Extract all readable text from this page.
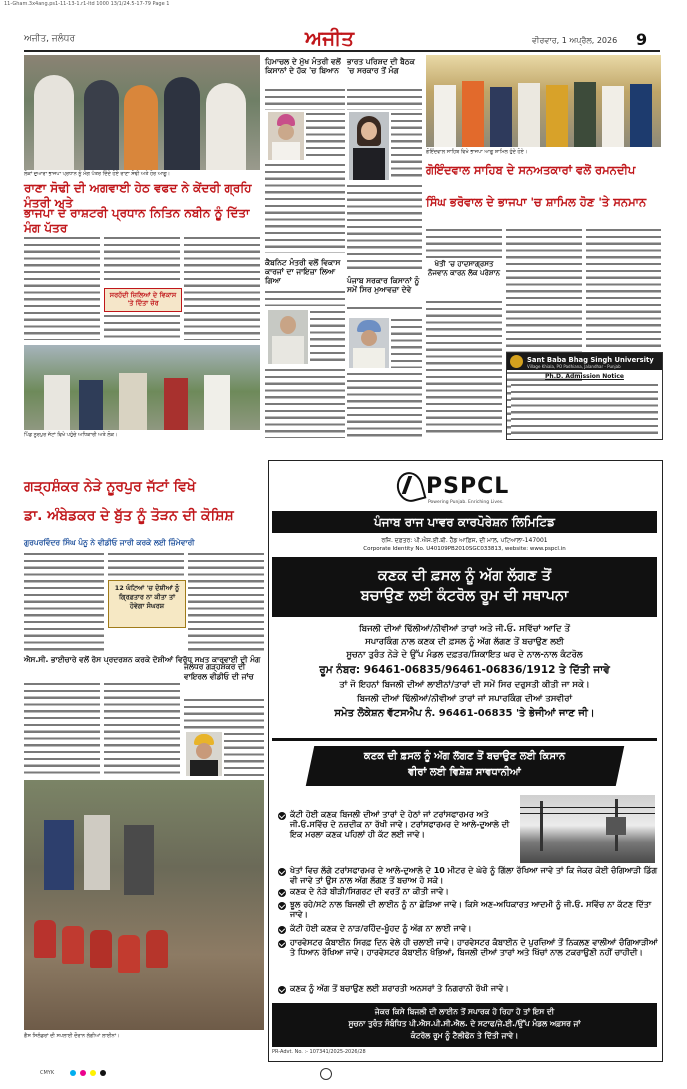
11-Gham.3x4ang.ps1-11-13-1.r1-ltd 1000 13/1/24.5-17-79 Page 1
ਅਜੀਤ, ਜਲੰਧਰ	ਅਜੀਤ	ਵੀਰਵਾਰ, 1 ਅਪ੍ਰੈਲ, 2026 9
ਲੋਕਾਂ ਦੁਆਰਾ ਭਾਜਪਾ ਪ੍ਰਧਾਨ ਨੂੰ ਮੰਗ ਪੱਤਰ ਦਿੰਦੇ ਹੋਏ ਰਾਣਾ ਸੋਢੀ ਅਤੇ ਹੋਰ ਆਗੂ।
ਰਾਣਾ ਸੋਢੀ ਦੀ ਅਗਵਾਈ ਹੇਠ ਵਫਦ ਨੇ ਕੇਂਦਰੀ ਗ੍ਰਹਿ ਮੰਤਰੀ ਅਤੇ
ਭਾਜਪਾ ਦੇ ਰਾਸ਼ਟਰੀ ਪ੍ਰਧਾਨ ਨਿਤਿਨ ਨਬੀਨ ਨੂੰ ਦਿੱਤਾ ਮੰਗ ਪੱਤਰ
ਸਰਹੱਦੀ ਜ਼ਿਲਿਆਂ ਦੇ ਵਿਕਾਸ 'ਤੇ ਦਿੱਤਾ ਜ਼ੋਰ
ਪਿੰਡ ਨੂਰਪੁਰ ਜੱਟਾਂ ਵਿਖੇ ਪਹੁੰਚੇ ਅਧਿਕਾਰੀ ਅਤੇ ਲੋਕ।
ਹਿਮਾਚਲ ਦੇ ਮੁੱਖ ਮੰਤਰੀ ਵਲੋਂ ਕਿਸਾਨਾਂ ਦੇ ਹੱਕ 'ਚ ਬਿਆਨ
ਭਾਰਤ ਪਰਿਸ਼ਦ ਦੀ ਬੈਠਕ 'ਚ ਸਰਕਾਰ ਤੋਂ ਮੰਗ
ਕੈਬਨਿਟ ਮੰਤਰੀ ਵਲੋਂ ਵਿਕਾਸ ਕਾਰਜਾਂ ਦਾ ਜਾਇਜ਼ਾ ਲਿਆ ਗਿਆ	ਪੰਜਾਬ ਸਰਕਾਰ ਕਿਸਾਨਾਂ ਨੂੰ ਸਮੇਂ ਸਿਰ ਮੁਆਵਜ਼ਾ ਦੇਵੇ
ਗੋਇੰਦਵਾਲ ਸਾਹਿਬ ਵਿਖੇ ਭਾਜਪਾ ਆਗੂ ਸ਼ਾਮਿਲ ਹੁੰਦੇ ਹੋਏ।
ਗੋਇੰਦਵਾਲ ਸਾਹਿਬ ਦੇ ਸਨਅਤਕਾਰਾਂ ਵਲੋਂ ਰਮਨਦੀਪ
ਸਿੰਘ ਭਰੋਵਾਲ ਦੇ ਭਾਜਪਾ 'ਚ ਸ਼ਾਮਿਲ ਹੋਣ 'ਤੇ ਸਨਮਾਨ
ਖੇਤੀ 'ਚ ਹਾਦਸਾਗ੍ਰਸਤ ਨੌਜਵਾਨ ਕਾਰਨ ਲੋਕ ਪਰੇਸ਼ਾਨ
Sant Baba Bhag Singh University
Village Khiala, PO Padhiana, Jalandhar - Punjab
Ph.D. Admission Notice
ਗੜ੍ਹਸ਼ੰਕਰ ਨੇੜੇ ਨੂਰਪੁਰ ਜੱਟਾਂ ਵਿਖੇ
ਡਾ. ਅੰਬੇਡਕਰ ਦੇ ਬੁੱਤ ਨੂੰ ਤੋੜਨ ਦੀ ਕੋਸ਼ਿਸ਼
ਗੁਰਪਰਵਿੰਦਰ ਸਿੰਘ ਪੰਨੂ ਨੇ ਵੀਡੀਓ ਜਾਰੀ ਕਰਕੇ ਲਈ ਜ਼ਿੰਮੇਵਾਰੀ
12 ਘੰਟਿਆਂ 'ਚ ਦੋਸ਼ੀਆਂ ਨੂੰ ਗ੍ਰਿਫ਼ਤਾਰ ਨਾ ਕੀਤਾ ਤਾਂ ਹੋਵੇਗਾ ਸੰਘਰਸ਼
ਐਸ.ਸੀ. ਭਾਈਚਾਰੇ ਵਲੋਂ ਰੋਸ ਪ੍ਰਦਰਸ਼ਨ ਕਰਕੇ ਦੋਸ਼ੀਆਂ ਵਿਰੁੱਧ ਸਖ਼ਤ ਕਾਰਵਾਈ ਦੀ ਮੰਗ
ਜਲੰਧਰ ਗੜ੍ਹਸ਼ੰਕਰ ਦੀ ਵਾਇਰਲ ਵੀਡੀਓ ਦੀ ਜਾਂਚ
ਗੈਸ ਸਿਲੰਡਰਾਂ ਦੀ ਸਪਲਾਈ ਦੌਰਾਨ ਲੱਗੀਆਂ ਲਾਈਨਾਂ।
PSPCL
Powering Punjab. Enriching Lives.
ਪੰਜਾਬ ਰਾਜ ਪਾਵਰ ਕਾਰਪੋਰੇਸ਼ਨ ਲਿਮਿਟਿਡ
ਰਜਿ. ਦਫ਼ਤਰ: ਪੀ.ਐਸ.ਈ.ਬੀ. ਹੈੱਡ ਆਫ਼ਿਸ, ਦੀ ਮਾਲ, ਪਟਿਆਲਾ-147001
Corporate Identity No. U40109PB2010SGC033813, website: www.pspcl.in
ਕਣਕ ਦੀ ਫ਼ਸਲ ਨੂੰ ਅੱਗ ਲੱਗਣ ਤੋਂ
ਬਚਾਉਣ ਲਈ ਕੰਟਰੋਲ ਰੂਮ ਦੀ ਸਥਾਪਨਾ
ਬਿਜਲੀ ਦੀਆਂ ਢਿੱਲੀਆਂ/ਨੀਵੀਆਂ ਤਾਰਾਂ ਅਤੇ ਜੀ.ਓ. ਸਵਿੱਚਾਂ ਆਦਿ ਤੋਂ
ਸਪਾਰਕਿੰਗ ਨਾਲ ਕਣਕ ਦੀ ਫ਼ਸਲ ਨੂੰ ਅੱਗ ਲੱਗਣ ਤੋਂ ਬਚਾਉਣ ਲਈ
ਸੂਚਨਾ ਤੁਰੰਤ ਨੇੜੇ ਦੇ ਉੱਪ ਮੰਡਲ ਦਫ਼ਤਰ/ਸ਼ਿਕਾਇਤ ਘਰ ਦੇ ਨਾਲ-ਨਾਲ ਕੰਟਰੋਲ
ਰੂਮ ਨੰਬਰ: 96461-06835/96461-06836/1912 ਤੇ ਦਿੱਤੀ ਜਾਵੇ
ਤਾਂ ਜੋ ਇਹਨਾਂ ਬਿਜਲੀ ਦੀਆਂ ਲਾਈਨਾਂ/ਤਾਰਾਂ ਦੀ ਸਮੇਂ ਸਿਰ ਦਰੁਸਤੀ ਕੀਤੀ ਜਾ ਸਕੇ।
ਬਿਜਲੀ ਦੀਆਂ ਢਿੱਲੀਆਂ/ਨੀਵੀਆਂ ਤਾਰਾਂ ਜਾਂ ਸਪਾਰਕਿੰਗ ਦੀਆਂ ਤਸਵੀਰਾਂ
ਸਮੇਤ ਲੋਕੇਸ਼ਨ ਵੱਟਸਐਪ ਨੰ. 96461-06835 'ਤੇ ਭੇਜੀਆਂ ਜਾਣ ਜੀ।
ਕਣਕ ਦੀ ਫ਼ਸਲ ਨੂੰ ਅੱਗ ਲੱਗਣ ਤੋਂ ਬਚਾਉਣ ਲਈ ਕਿਸਾਨ
ਵੀਰਾਂ ਲਈ ਵਿਸ਼ੇਸ਼ ਸਾਵਧਾਨੀਆਂ
ਕੱਟੀ ਹੋਈ ਕਣਕ ਬਿਜਲੀ ਦੀਆਂ ਤਾਰਾਂ ਦੇ ਹੇਠਾਂ ਜਾਂ ਟਰਾਂਸਫਾਰਮਰ ਅਤੇ ਜੀ.ਓ.ਸਵਿੱਚ ਦੇ ਨਜ਼ਦੀਕ ਨਾ ਰੱਖੀ ਜਾਵੇ। ਟਰਾਂਸਫਾਰਮਰ ਦੇ ਆਲੇ-ਦੁਆਲੇ ਦੀ ਇਕ ਮਰਲਾ ਕਣਕ ਪਹਿਲਾਂ ਹੀ ਕੱਟ ਲਈ ਜਾਵੇ।
ਖੇਤਾਂ ਵਿਚ ਲੱਗੇ ਟਰਾਂਸਫਾਰਮਰ ਦੇ ਆਲੇ-ਦੁਆਲੇ ਦੇ 10 ਮੀਟਰ ਦੇ ਘੇਰੇ ਨੂੰ ਗਿੱਲਾ ਰੱਖਿਆ ਜਾਵੇ ਤਾਂ ਕਿ ਜੇਕਰ ਕੋਈ ਚੰਗਿਆੜੀ ਡਿੱਗ ਵੀ ਜਾਵੇ ਤਾਂ ਉਸ ਨਾਲ ਅੱਗ ਲੱਗਣ ਤੋਂ ਬਚਾਅ ਹੋ ਸਕੇ।
ਕਣਕ ਦੇ ਨੇੜੇ ਬੀੜੀ/ਸਿਗਰਟ ਦੀ ਵਰਤੋਂ ਨਾ ਕੀਤੀ ਜਾਵੇ।
ਝੂਲ ਰਹੇ/ਸਟੇ ਨਾਲ ਬਿਜਲੀ ਦੀ ਲਾਈਨ ਨੂੰ ਨਾ ਛੇੜਿਆ ਜਾਵੇ। ਕਿਸੇ ਅਣ-ਅਧਿਕਾਰਤ ਆਦਮੀ ਨੂੰ ਜੀ.ਓ. ਸਵਿੱਚ ਨਾ ਕੱਟਣ ਦਿੱਤਾ ਜਾਵੇ।
ਕੱਟੀ ਹੋਈ ਕਣਕ ਦੇ ਨਾੜ/ਰਹਿੰਦ-ਖੂੰਹਦ ਨੂੰ ਅੱਗ ਨਾ ਲਾਈ ਜਾਵੇ।
ਹਾਰਵੇਸਟਰ ਕੰਬਾਈਨ ਸਿਰਫ਼ ਦਿਨ ਵੇਲੇ ਹੀ ਚਲਾਈ ਜਾਵੇ। ਹਾਰਵੇਸਟਰ ਕੰਬਾਈਨ ਦੇ ਪੁਰਜ਼ਿਆਂ ਤੋਂ ਨਿਕਲਣ ਵਾਲੀਆਂ ਚੰਗਿਆੜੀਆਂ ਤੇ ਧਿਆਨ ਰੱਖਿਆ ਜਾਵੇ। ਹਾਰਵੇਸਟਰ ਕੰਬਾਈਨ ਖੰਭਿਆਂ, ਬਿਜਲੀ ਦੀਆਂ ਤਾਰਾਂ ਅਤੇ ਖਿੱਚਾਂ ਨਾਲ ਟਕਰਾਉਣੀ ਨਹੀਂ ਚਾਹੀਦੀ।
ਕਣਕ ਨੂੰ ਅੱਗ ਤੋਂ ਬਚਾਉਣ ਲਈ ਸ਼ਰਾਰਤੀ ਅਨਸਰਾਂ ਤੇ ਨਿਗਰਾਨੀ ਰੱਖੀ ਜਾਵੇ।
ਜੇਕਰ ਕਿਸੇ ਬਿਜਲੀ ਦੀ ਲਾਈਨ ਤੋਂ ਸਪਾਰਕ ਹੋ ਰਿਹਾ ਹੋ ਤਾਂ ਇਸ ਦੀ
ਸੂਚਨਾ ਤੁਰੰਤ ਸੰਬੰਧਿਤ ਪੀ.ਐਸ.ਪੀ.ਸੀ.ਐਲ. ਦੇ ਸਟਾਫ/ਜੇ.ਈ./ਉੱਪ ਮੰਡਲ ਅਫ਼ਸਰ ਜਾਂ
ਕੰਟਰੋਲ ਰੂਮ ਨੂੰ ਟੈਲੀਫੋਨ ਤੇ ਦਿੱਤੀ ਜਾਵੇ।
PR-Advt. No. :- 107341/2025-2026/28
CMYK
